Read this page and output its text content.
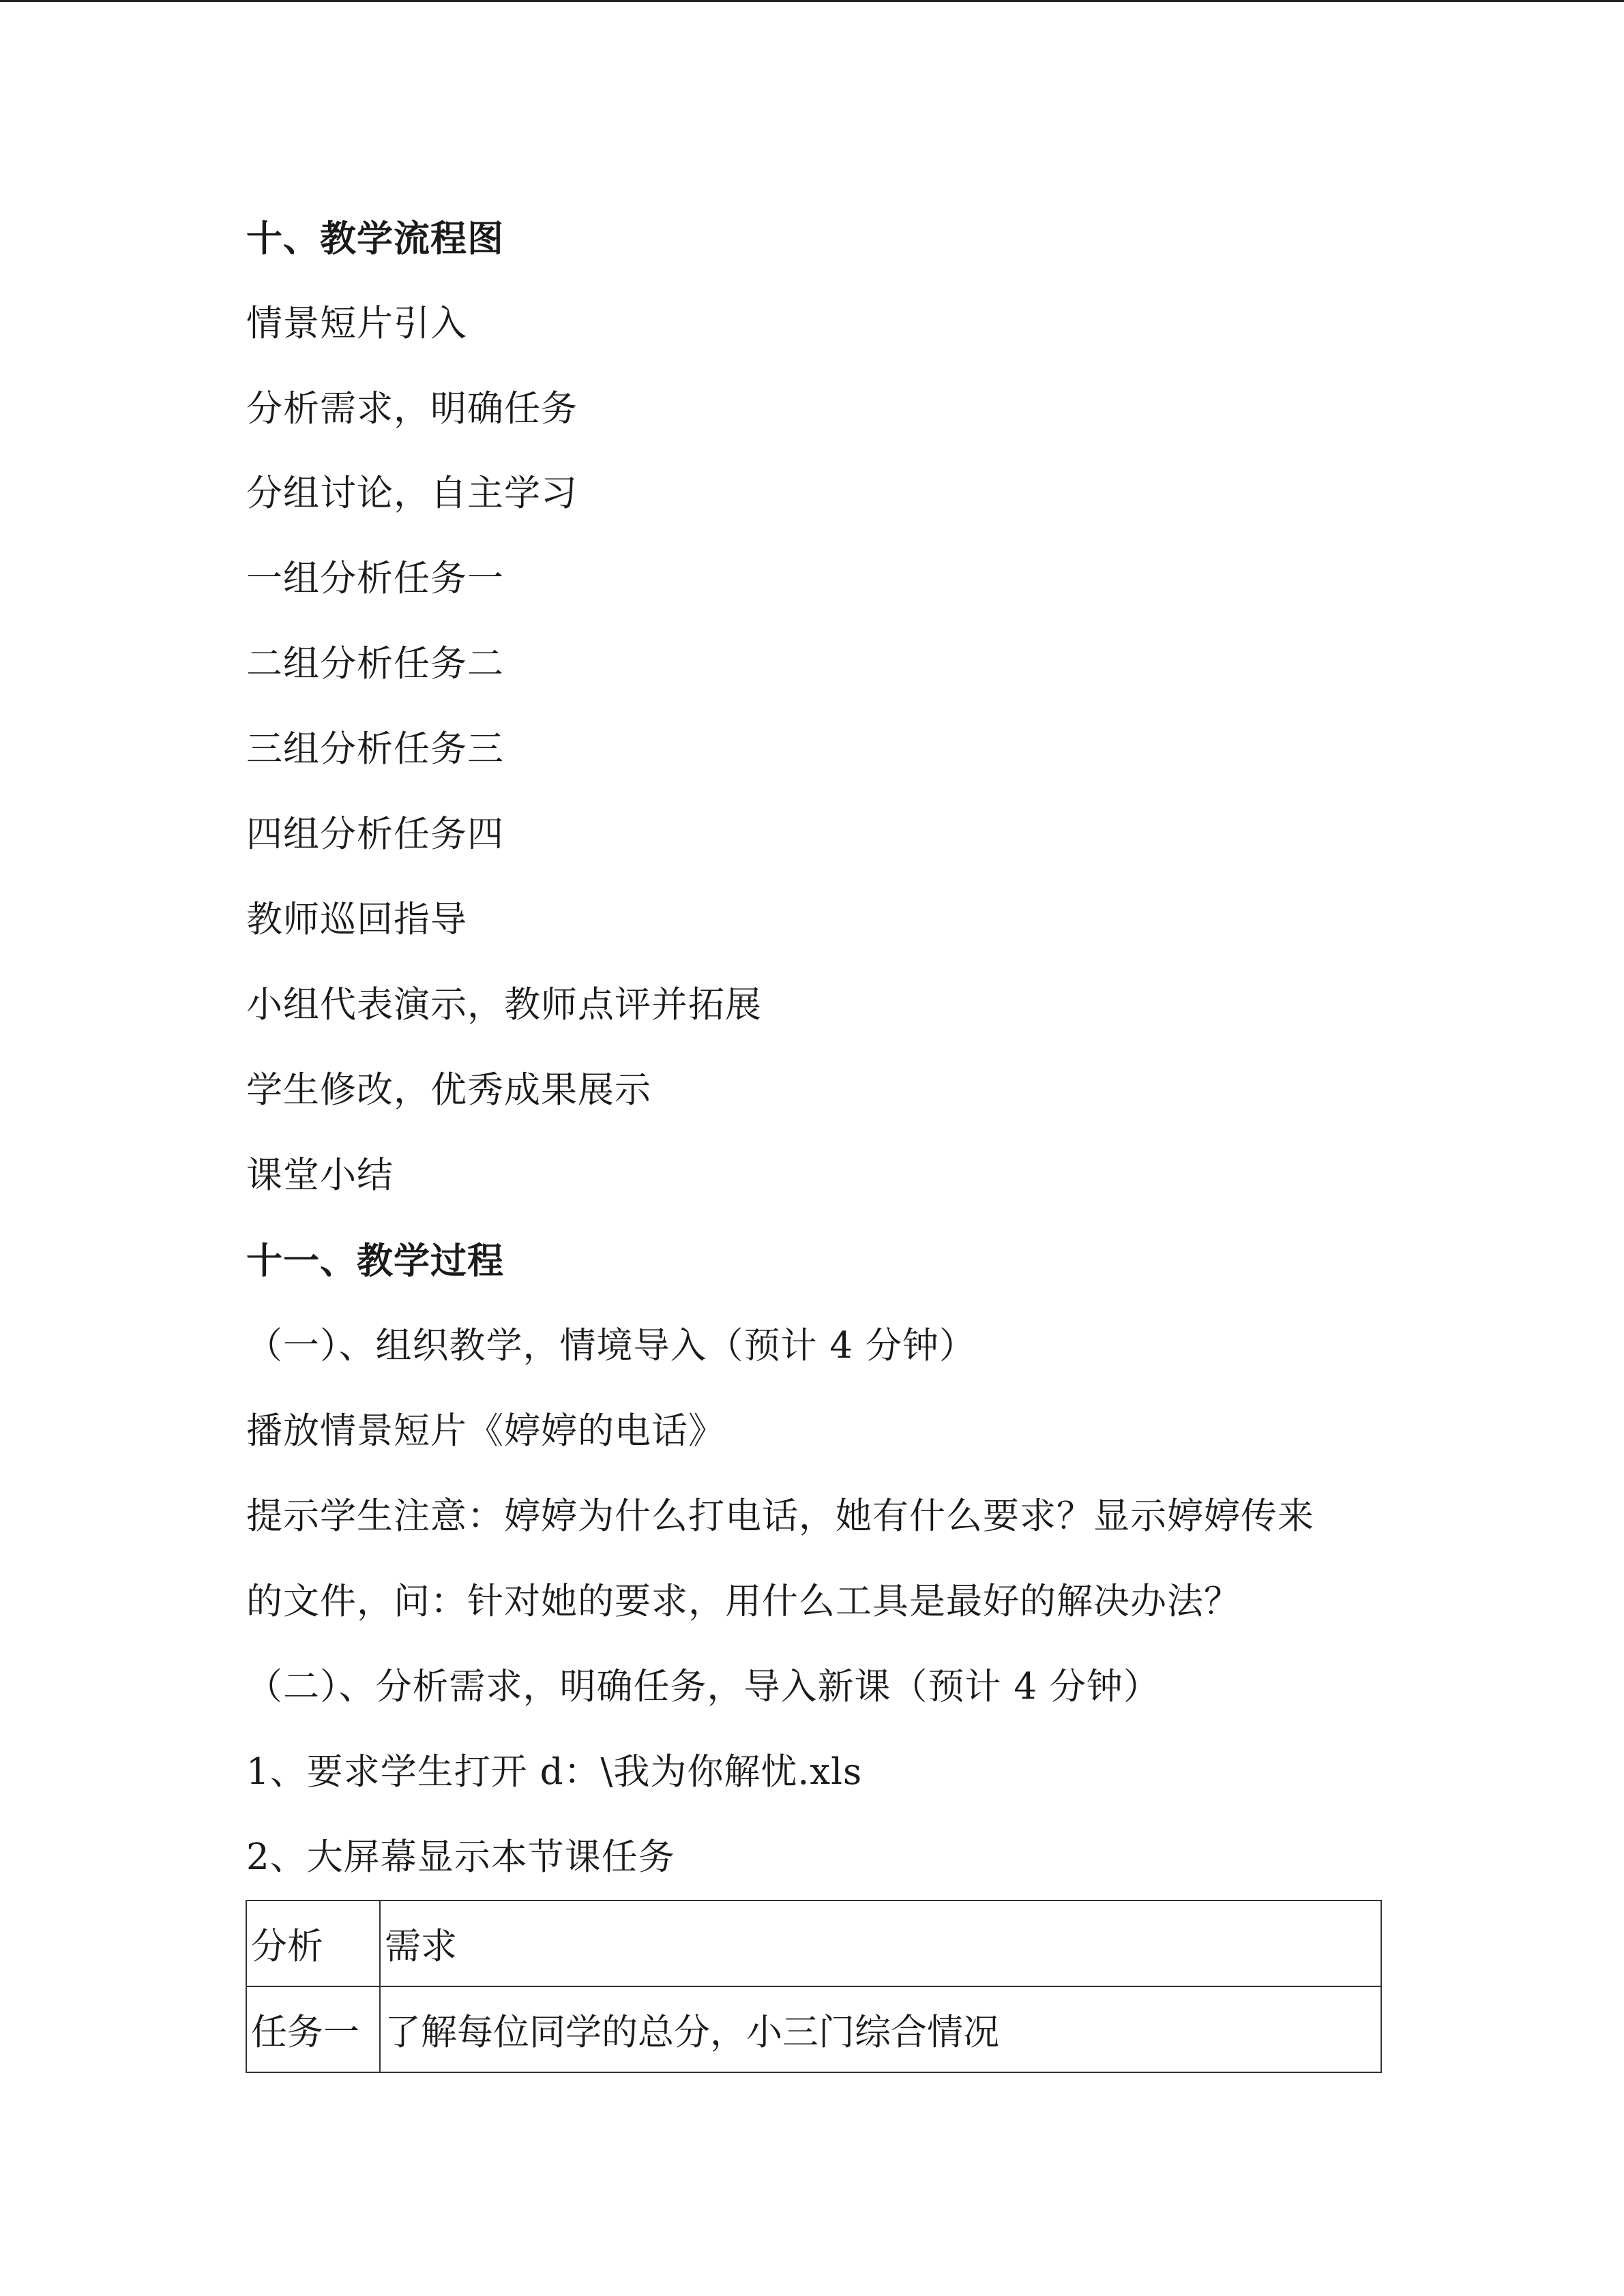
十、教学流程图
情景短片引入
分析需求，明确任务
分组讨论，自主学习
一组分析任务一
二组分析任务二
三组分析任务三
四组分析任务四
教师巡回指导
小组代表演示，教师点评并拓展
学生修改，优秀成果展示
课堂小结
十一、教学过程
（一）、组织教学，情境导入（预计 4 分钟）
播放情景短片《婷婷的电话》
提示学生注意：婷婷为什么打电话，她有什么要求？显示婷婷传来
的文件，问：针对她的要求，用什么工具是最好的解决办法？
（二）、分析需求，明确任务，导入新课（预计 4 分钟）
1、要求学生打开 d：\我为你解忧.xls
2、大屏幕显示本节课任务
分析	需求
任务一	了解每位同学的总分，小三门综合情况
